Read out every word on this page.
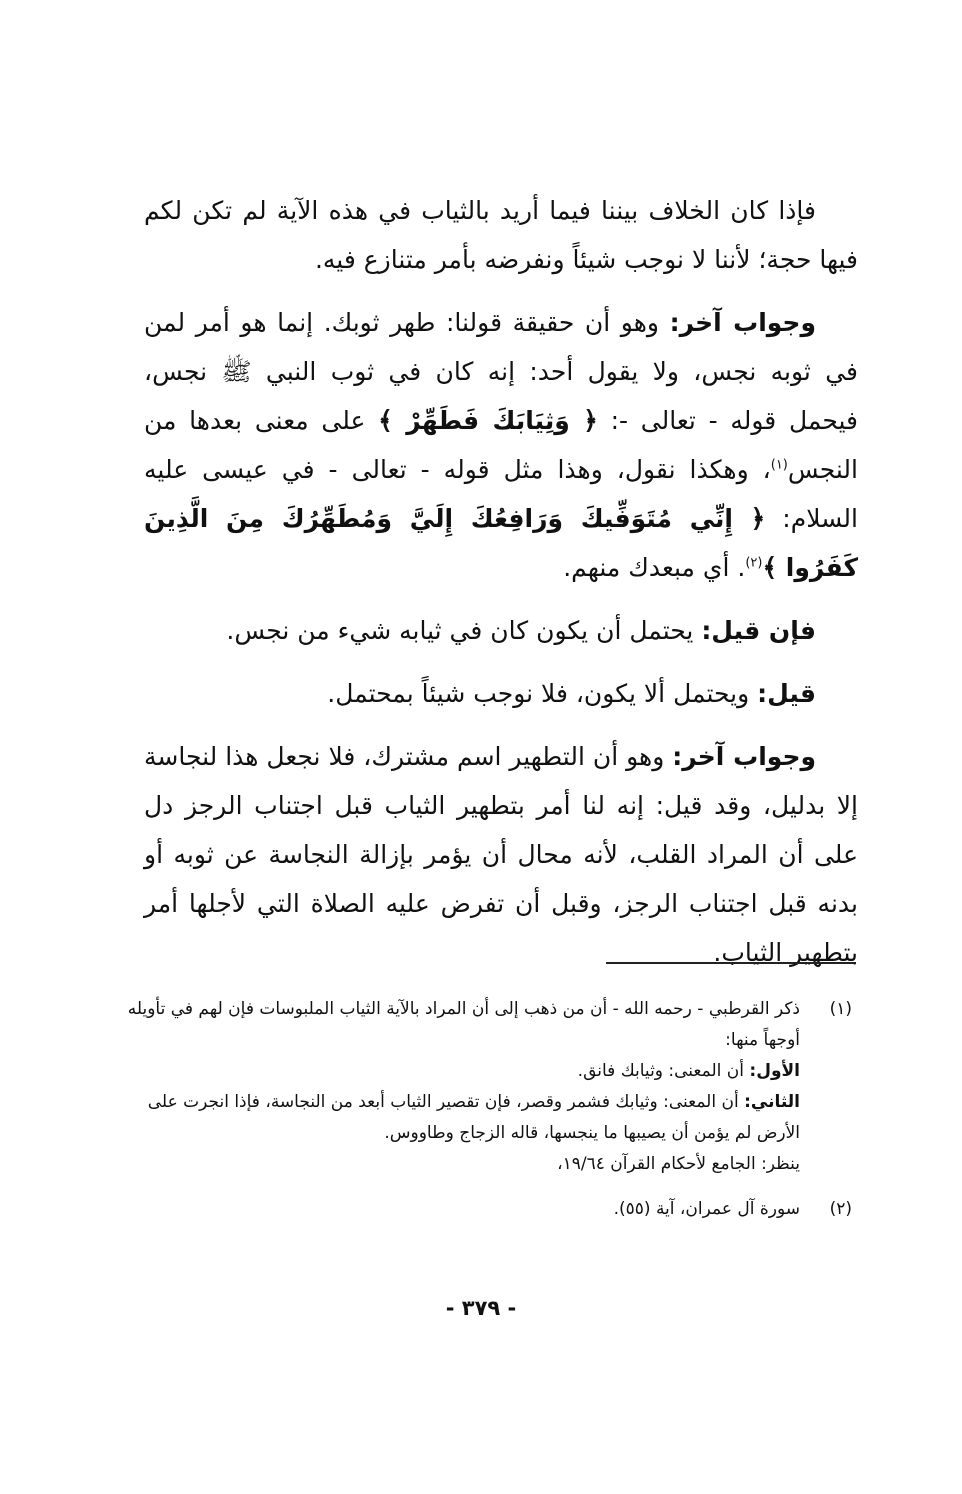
فإذا كان الخلاف بيننا فيما أريد بالثياب في هذه الآية لم تكن لكم فيها حجة؛ لأننا لا نوجب شيئاً ونفرضه بأمر متنازع فيه.

وجواب آخر: وهو أن حقيقة قولنا: طهر ثوبك. إنما هو أمر لمن في ثوبه نجس، ولا يقول أحد: إنه كان في ثوب النبي ﷺ نجس، فيحمل قوله - تعالى -: ﴿ وَثِيَابَكَ فَطَهِّرْ ﴾ على معنى بعدها من النجس$^{(١)}$، وهكذا نقول، وهذا مثل قوله - تعالى - في عيسى عليه السلام: ﴿ إِنِّي مُتَوَفِّيكَ وَرَافِعُكَ إِلَيَّ وَمُطَهِّرُكَ مِنَ الَّذِينَ كَفَرُوا ﴾$^{(٢)}$. أي مبعدك منهم.

فإن قيل: يحتمل أن يكون كان في ثيابه شيء من نجس.

قيل: ويحتمل ألا يكون، فلا نوجب شيئاً بمحتمل.

وجواب آخر: وهو أن التطهير اسم مشترك، فلا نجعل هذا لنجاسة إلا بدليل، وقد قيل: إنه لنا أمر بتطهير الثياب قبل اجتناب الرجز دل على أن المراد القلب، لأنه محال أن يؤمر بإزالة النجاسة عن ثوبه أو بدنه قبل اجتناب الرجز، وقبل أن تفرض عليه الصلاة التي لأجلها أمر بتطهير الثياب.

(١)

ذكر القرطبي - رحمه الله - أن من ذهب إلى أن المراد بالآية الثياب الملبوسات فإن لهم في تأويله أوجهاً منها:

الأول: أن المعنى: وثيابك فانق.

الثاني: أن المعنى: وثيابك فشمر وقصر، فإن تقصير الثياب أبعد من النجاسة، فإذا انجرت على الأرض لم يؤمن أن يصيبها ما ينجسها، قاله الزجاج وطاووس.

ينظر: الجامع لأحكام القرآن ١٩/٦٤،

(٢)

سورة آل عمران، آية (٥٥).

- ٣٧٩ -
